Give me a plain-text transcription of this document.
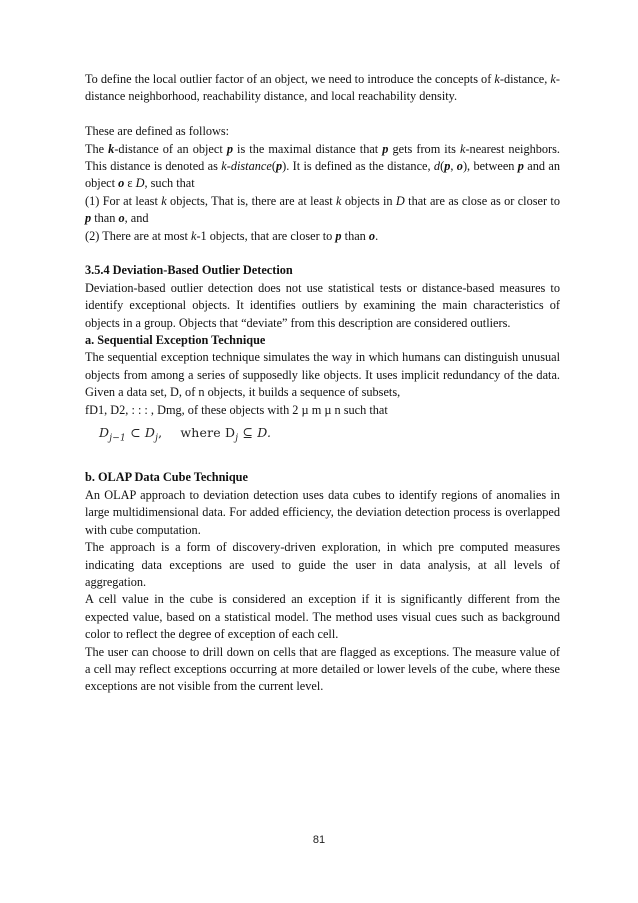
To define the local outlier factor of an object, we need to introduce the concepts of k-distance, k-distance neighborhood, reachability distance, and local reachability density.

These are defined as follows:

The k-distance of an object p is the maximal distance that p gets from its k-nearest neighbors. This distance is denoted as k-distance(p). It is defined as the distance, d(p, o), between p and an object o ε D, such that

(1) For at least k objects, That is, there are at least k objects in D that are as close as or closer to p than o, and

(2) There are at most k-1 objects, that are closer to p than o.

3.5.4 Deviation-Based Outlier Detection

Deviation-based outlier detection does not use statistical tests or distance-based measures to identify exceptional objects. It identifies outliers by examining the main characteristics of objects in a group. Objects that “deviate” from this description are considered outliers.

a. Sequential Exception Technique

The sequential exception technique simulates the way in which humans can distinguish unusual objects from among a series of supposedly like objects. It uses implicit redundancy of the data. Given a data set, D, of n objects, it builds a sequence of subsets,

fD1, D2, : : : , Dmg, of these objects with 2 µ m µ n such that

$D_{j-1}$ ⊂ $D_j$, where $D_j$ ⊆ D.

b. OLAP Data Cube Technique

An OLAP approach to deviation detection uses data cubes to identify regions of anomalies in large multidimensional data. For added efficiency, the deviation detection process is overlapped with cube computation.

The approach is a form of discovery-driven exploration, in which pre computed measures indicating data exceptions are used to guide the user in data analysis, at all levels of aggregation.

A cell value in the cube is considered an exception if it is significantly different from the expected value, based on a statistical model. The method uses visual cues such as background color to reflect the degree of exception of each cell.

The user can choose to drill down on cells that are flagged as exceptions. The measure value of a cell may reflect exceptions occurring at more detailed or lower levels of the cube, where these exceptions are not visible from the current level.

81
